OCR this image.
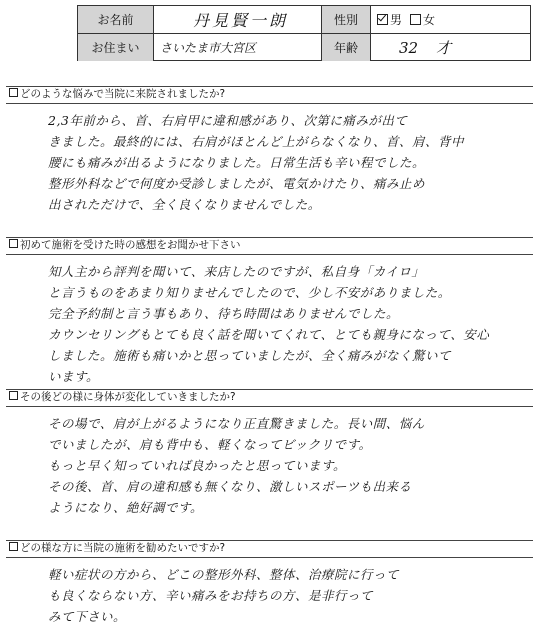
お名前	丹見賢一朗	性別	男 女
お住まい	さいたま市大宮区	年齢	32 才
どのような悩みで当院に来院されましたか?
2,3年前から、首、右肩甲に違和感があり、次第に痛みが出て
きました。最終的には、右肩がほとんど上がらなくなり、首、肩、背中
腰にも痛みが出るようになりました。日常生活も辛い程でした。
整形外科などで何度か受診しましたが、電気かけたり、痛み止め
出されただけで、全く良くなりませんでした。
初めて施術を受けた時の感想をお聞かせ下さい
知人主から評判を聞いて、来店したのですが、私自身「カイロ」
と言うものをあまり知りませんでしたので、少し不安がありました。
完全予約制と言う事もあり、待ち時間はありませんでした。
カウンセリングもとても良く話を聞いてくれて、とても親身になって、安心
しました。施術も痛いかと思っていましたが、全く痛みがなく驚いて
います。
その後どの様に身体が変化していきましたか?
その場で、肩が上がるようになり正直驚きました。長い間、悩ん
でいましたが、肩も背中も、軽くなってビックリです。
もっと早く知っていれば良かったと思っています。
その後、首、肩の違和感も無くなり、激しいスポーツも出来る
ようになり、絶好調です。
どの様な方に当院の施術を勧めたいですか?
軽い症状の方から、どこの整形外科、整体、治療院に行って
も良くならない方、辛い痛みをお持ちの方、是非行って
みて下さい。
